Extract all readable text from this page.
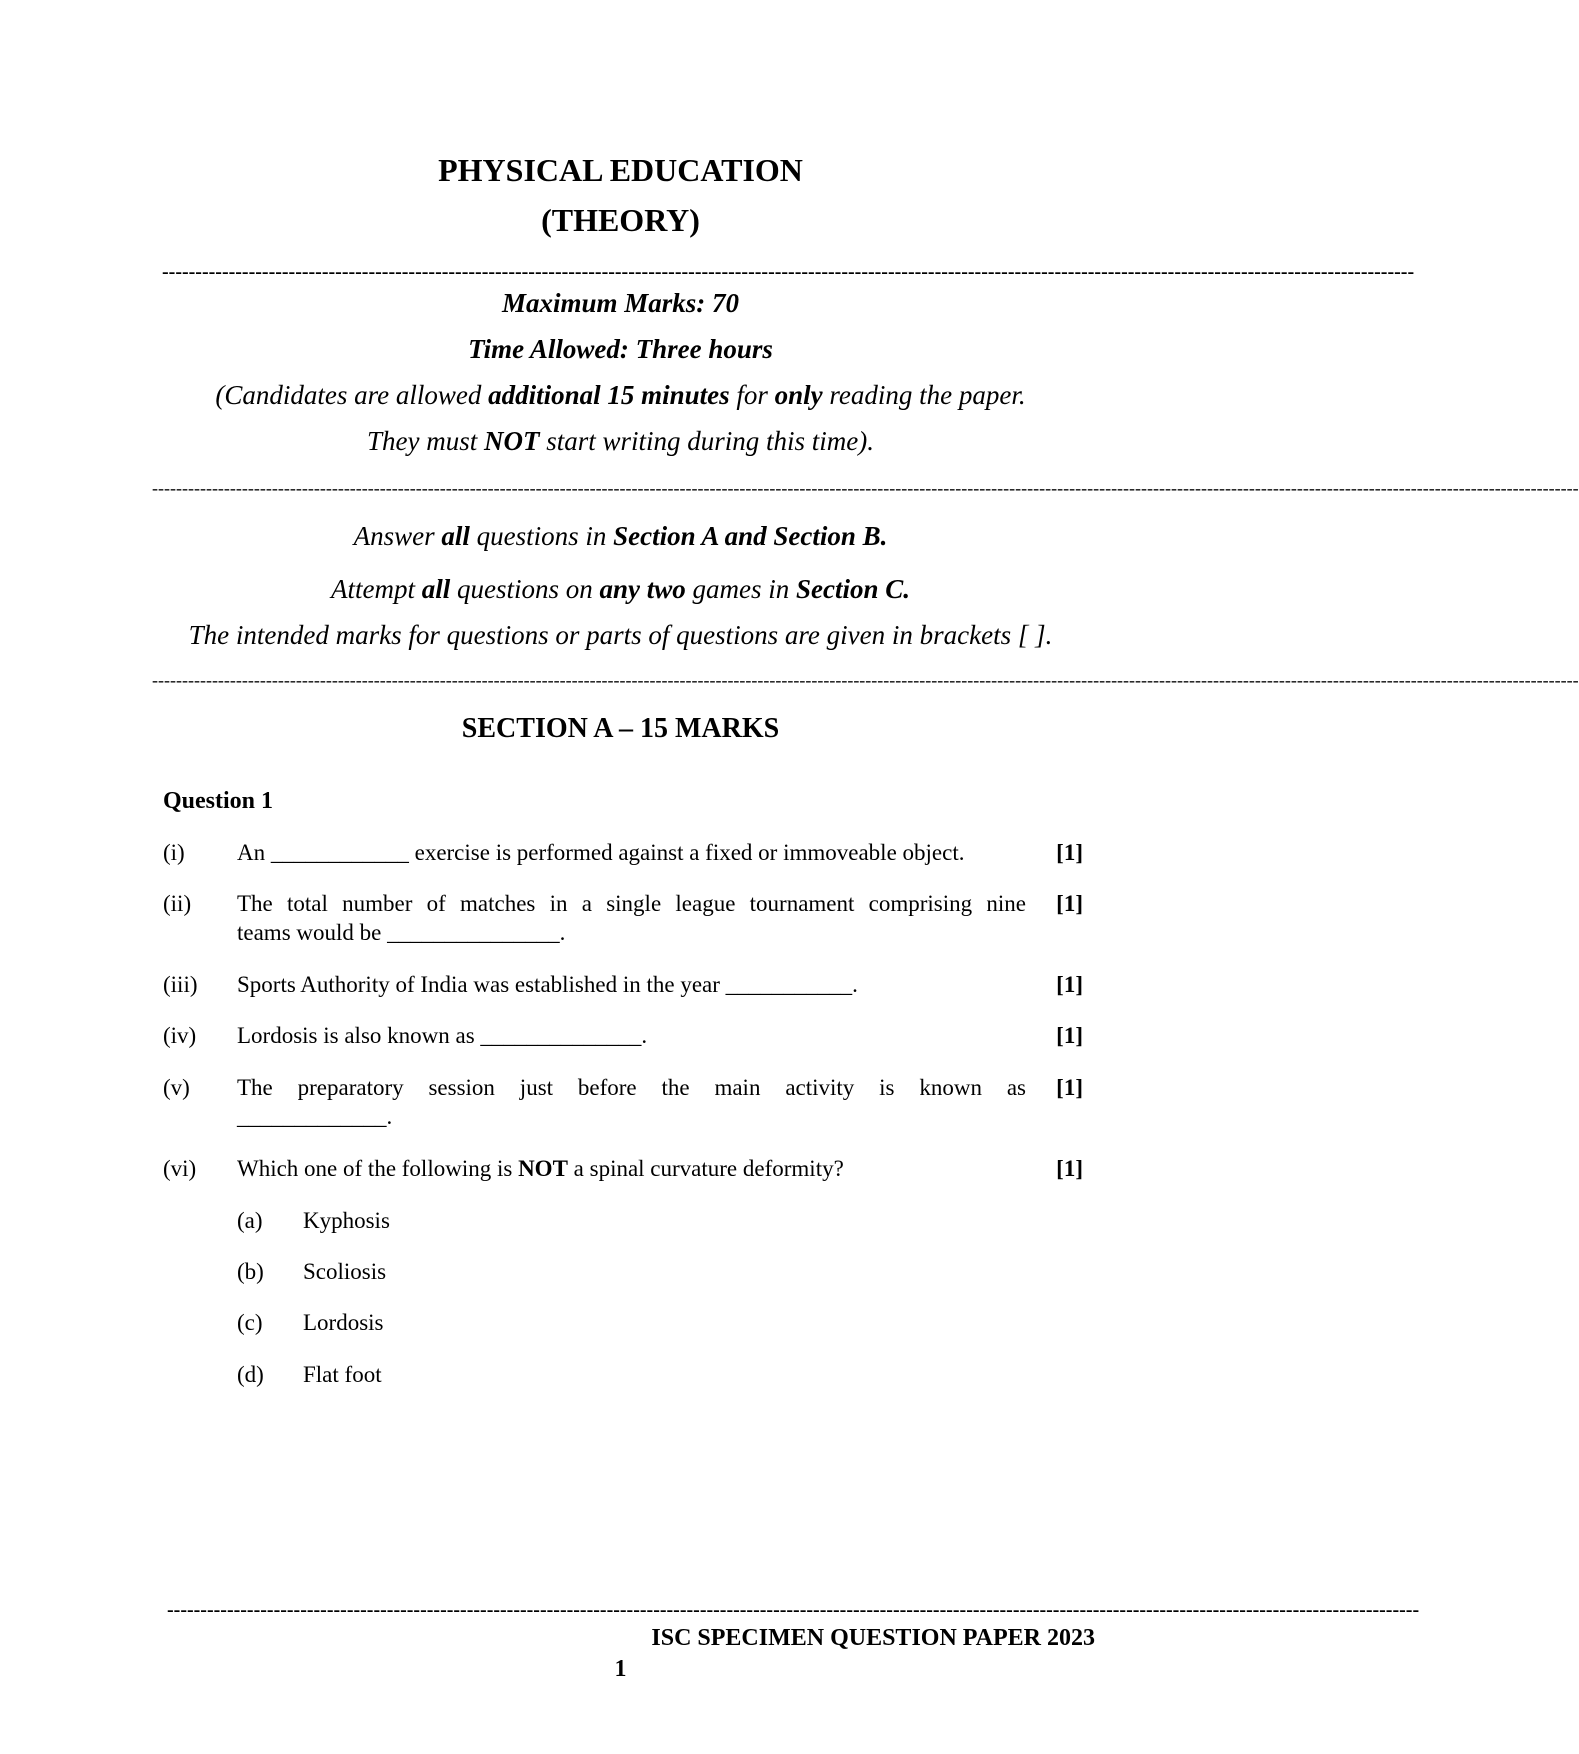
PHYSICAL EDUCATION
(THEORY)
--------------------------------------------------------------------------------------------------------------------------------------------------------------------------------------------
Maximum Marks: 70
Time Allowed: Three hours
(Candidates are allowed additional 15 minutes for only reading the paper.
They must NOT start writing during this time).
----------------------------------------------------------------------------------------------------------------------------------------------------------------------------------------------------------------------------------------------
Answer all questions in Section A and Section B.
Attempt all questions on any two games in Section C.
The intended marks for questions or parts of questions are given in brackets [ ].
----------------------------------------------------------------------------------------------------------------------------------------------------------------------------------------------------------------------------------------------
SECTION A – 15 MARKS
Question 1
(i) An ____________ exercise is performed against a fixed or immoveable object.	[1]
(ii) The total number of matches in a single league tournament comprising nine
teams would be _______________.
[1]
(iii) Sports Authority of India was established in the year ___________.	[1]
(iv) Lordosis is also known as ______________.	[1]
(v) The preparatory session just before the main activity is known as
_____________.
[1]
(vi) Which one of the following is NOT a spinal curvature deformity?	[1]
(a) Kyphosis
(b) Scoliosis
(c) Lordosis
(d) Flat foot
--------------------------------------------------------------------------------------------------------------------------------------------------------------------------------------------
ISC SPECIMEN QUESTION PAPER 2023
1
